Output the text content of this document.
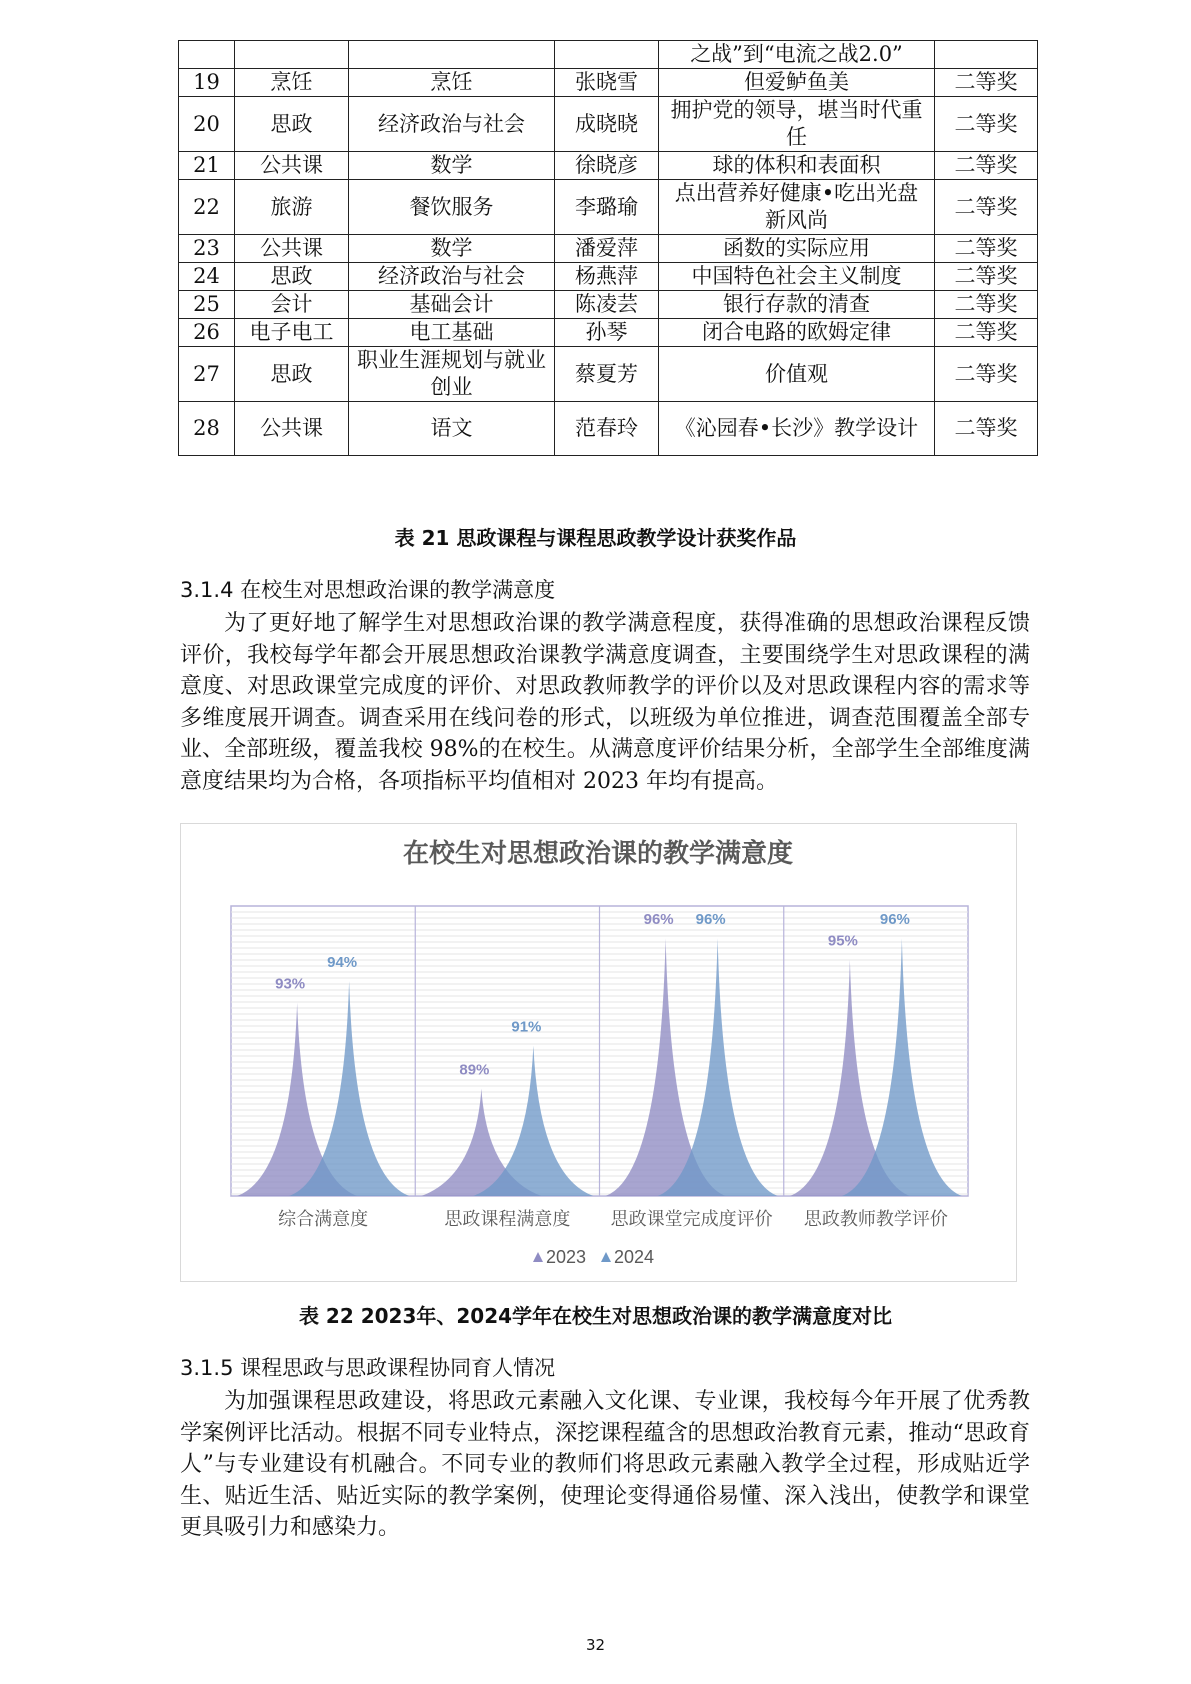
				之战”到“电流之战2.0”	
19	烹饪	烹饪	张晓雪	但爱鲈鱼美	二等奖
20	思政	经济政治与社会	成晓晓	拥护党的领导，堪当时代重任	二等奖
21	公共课	数学	徐晓彦	球的体积和表面积	二等奖
22	旅游	餐饮服务	李璐瑜	点出营养好健康•吃出光盘新风尚	二等奖
23	公共课	数学	潘爱萍	函数的实际应用	二等奖
24	思政	经济政治与社会	杨燕萍	中国特色社会主义制度	二等奖
25	会计	基础会计	陈凌芸	银行存款的清查	二等奖
26	电子电工	电工基础	孙琴	闭合电路的欧姆定律	二等奖
27	思政	职业生涯规划与就业创业	蔡夏芳	价值观	二等奖
28	公共课	语文	范春玲	《沁园春•长沙》教学设计	二等奖
表 21 思政课程与课程思政教学设计获奖作品
3.1.4 在校生对思想政治课的教学满意度

为了更好地了解学生对思想政治课的教学满意程度，获得准确的思想政治课程反馈评价，我校每学年都会开展思想政治课教学满意度调查，主要围绕学生对思政课程的满意度、对思政课堂完成度的评价、对思政教师教学的评价以及对思政课程内容的需求等多维度展开调查。调查采用在线问卷的形式，以班级为单位推进，调查范围覆盖全部专业、全部班级，覆盖我校 98%的在校生。从满意度评价结果分析，全部学生全部维度满意度结果均为合格，各项指标平均值相对 2023 年均有提高。

在校生对思想政治课的教学满意度
93%
89%
96%
95%
94%
91%
96%	96%
综合满意度	思政课程满意度 思政课堂完成度评价 思政教师教学评价
2023 2024
表 22 2023年、2024学年在校生对思想政治课的教学满意度对比
3.1.5 课程思政与思政课程协同育人情况

为加强课程思政建设，将思政元素融入文化课、专业课，我校每今年开展了优秀教学案例评比活动。根据不同专业特点，深挖课程蕴含的思想政治教育元素，推动“思政育人”与专业建设有机融合。不同专业的教师们将思政元素融入教学全过程，形成贴近学生、贴近生活、贴近实际的教学案例，使理论变得通俗易懂、深入浅出，使教学和课堂更具吸引力和感染力。

32
